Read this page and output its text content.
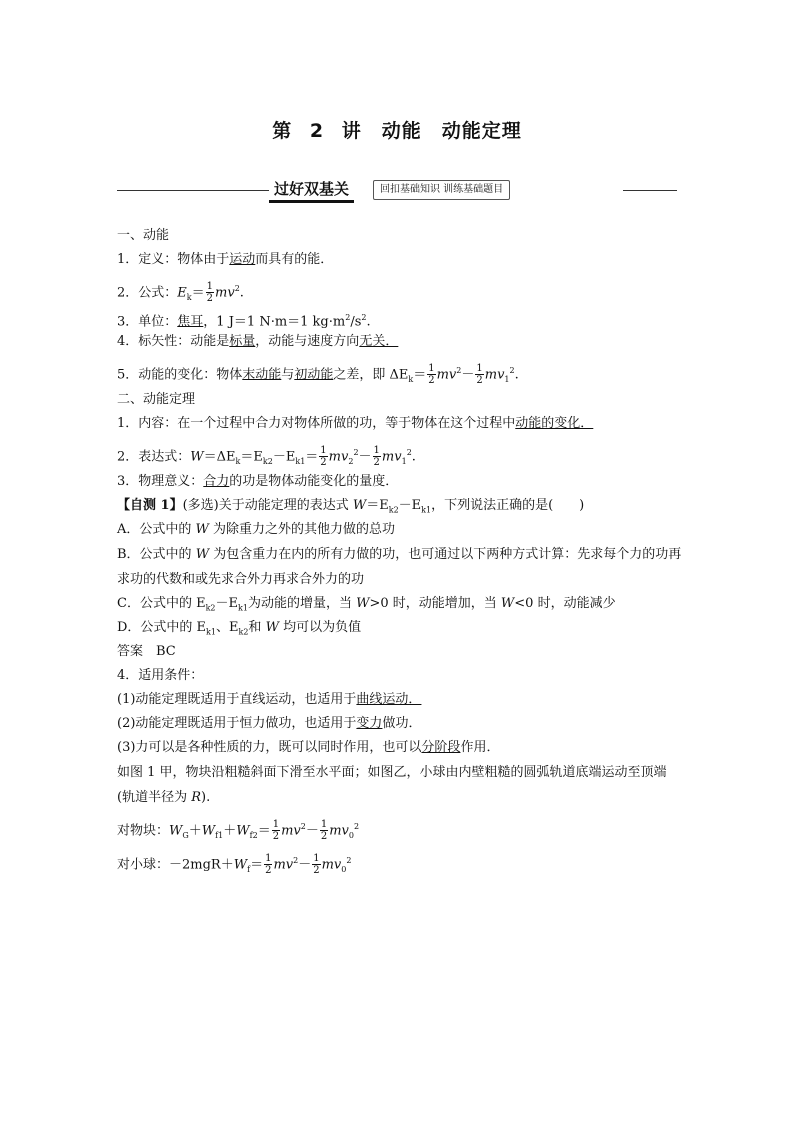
第 2 讲　动能　动能定理
过好双基关	回扣基础知识 训练基础题目
一、动能
1．定义：物体由于运动而具有的能．
2．公式：$E_k= \frac{1}{2} mv^2$.
3．单位：焦耳，1 J＝1 N·m＝1 $kg\cdot m^2/s^2$.
4．标矢性：动能是标量，动能与速度方向无关．
5．动能的变化：物体末动能与初动能之差，即 $\Delta E_k= \frac{1}{2} mv^2- \frac{1}{2} mv_1^2$.
二、动能定理
1．内容：在一个过程中合力对物体所做的功，等于物体在这个过程中动能的变化．
2．表达式：$W=\Delta E_k=E_{k2}-E_{k1}= \frac{1}{2} mv_2^2- \frac{1}{2} mv_1^2$.
3．物理意义：合力的功是物体动能变化的量度．
【自测 1】(多选)关于动能定理的表达式 $W=E_{k2}-E_{k1}$，下列说法正确的是(　　)
A．公式中的 W 为除重力之外的其他力做的总功
B．公式中的 W 为包含重力在内的所有力做的功，也可通过以下两种方式计算：先求每个力的功再求功的代数和或先求合外力再求合外力的功
C．公式中的 $E_{k2}-E_{k1}$为动能的增量，当 W>0 时，动能增加，当 W<0 时，动能减少
D．公式中的 $E_{k1}$、$E_{k2}$和 W 均可以为负值
答案　BC
4．适用条件：
(1)动能定理既适用于直线运动，也适用于曲线运动．
(2)动能定理既适用于恒力做功，也适用于变力做功．
(3)力可以是各种性质的力，既可以同时作用，也可以分阶段作用．
如图 1 甲，物块沿粗糙斜面下滑至水平面；如图乙，小球由内壁粗糙的圆弧轨道底端运动至顶端(轨道半径为 R).
对物块：$W_G+W_{f1}+W_{f2}= \frac{1}{2} mv^2- \frac{1}{2} mv_0^2$
对小球：$-2mgR+W_f= \frac{1}{2} mv^2- \frac{1}{2} mv_0^2$
